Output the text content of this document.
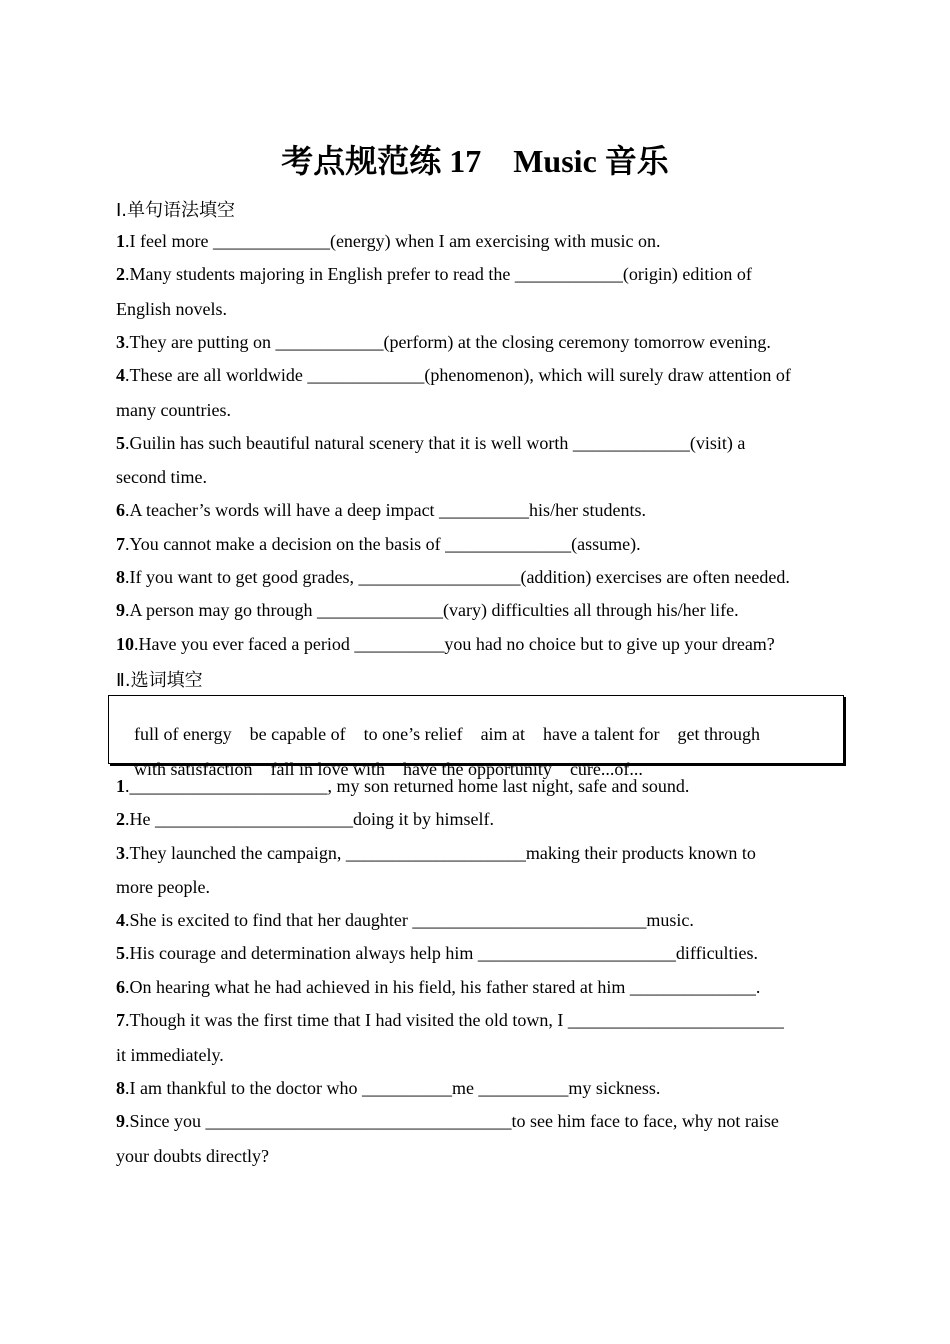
考点规范练 17    Music 音乐
Ⅰ.单句语法填空
1.I feel more _____________(energy) when I am exercising with music on.
2.Many students majoring in English prefer to read the ____________(origin) edition of
English novels.
3.They are putting on ____________(perform) at the closing ceremony tomorrow evening.
4.These are all worldwide _____________(phenomenon), which will surely draw attention of
many countries.
5.Guilin has such beautiful natural scenery that it is well worth _____________(visit) a
second time.
6.A teacher’s words will have a deep impact __________his/her students.
7.You cannot make a decision on the basis of ______________(assume).
8.If you want to get good grades, __________________(addition) exercises are often needed.
9.A person may go through ______________(vary) difficulties all through his/her life.
10.Have you ever faced a period __________you had no choice but to give up your dream?
Ⅱ.选词填空

full of energy be capable of to one’s relief aim at have a talent for get through

with satisfaction fall in love with have the opportunity cure...of...

1.______________________, my son returned home last night, safe and sound.
2.He ______________________doing it by himself.
3.They launched the campaign, ____________________making their products known to
more people.
4.She is excited to find that her daughter __________________________music.
5.His courage and determination always help him ______________________difficulties.
6.On hearing what he had achieved in his field, his father stared at him ______________.
7.Though it was the first time that I had visited the old town, I ________________________
it immediately.
8.I am thankful to the doctor who __________me __________my sickness.
9.Since you __________________________________to see him face to face, why not raise
your doubts directly?
